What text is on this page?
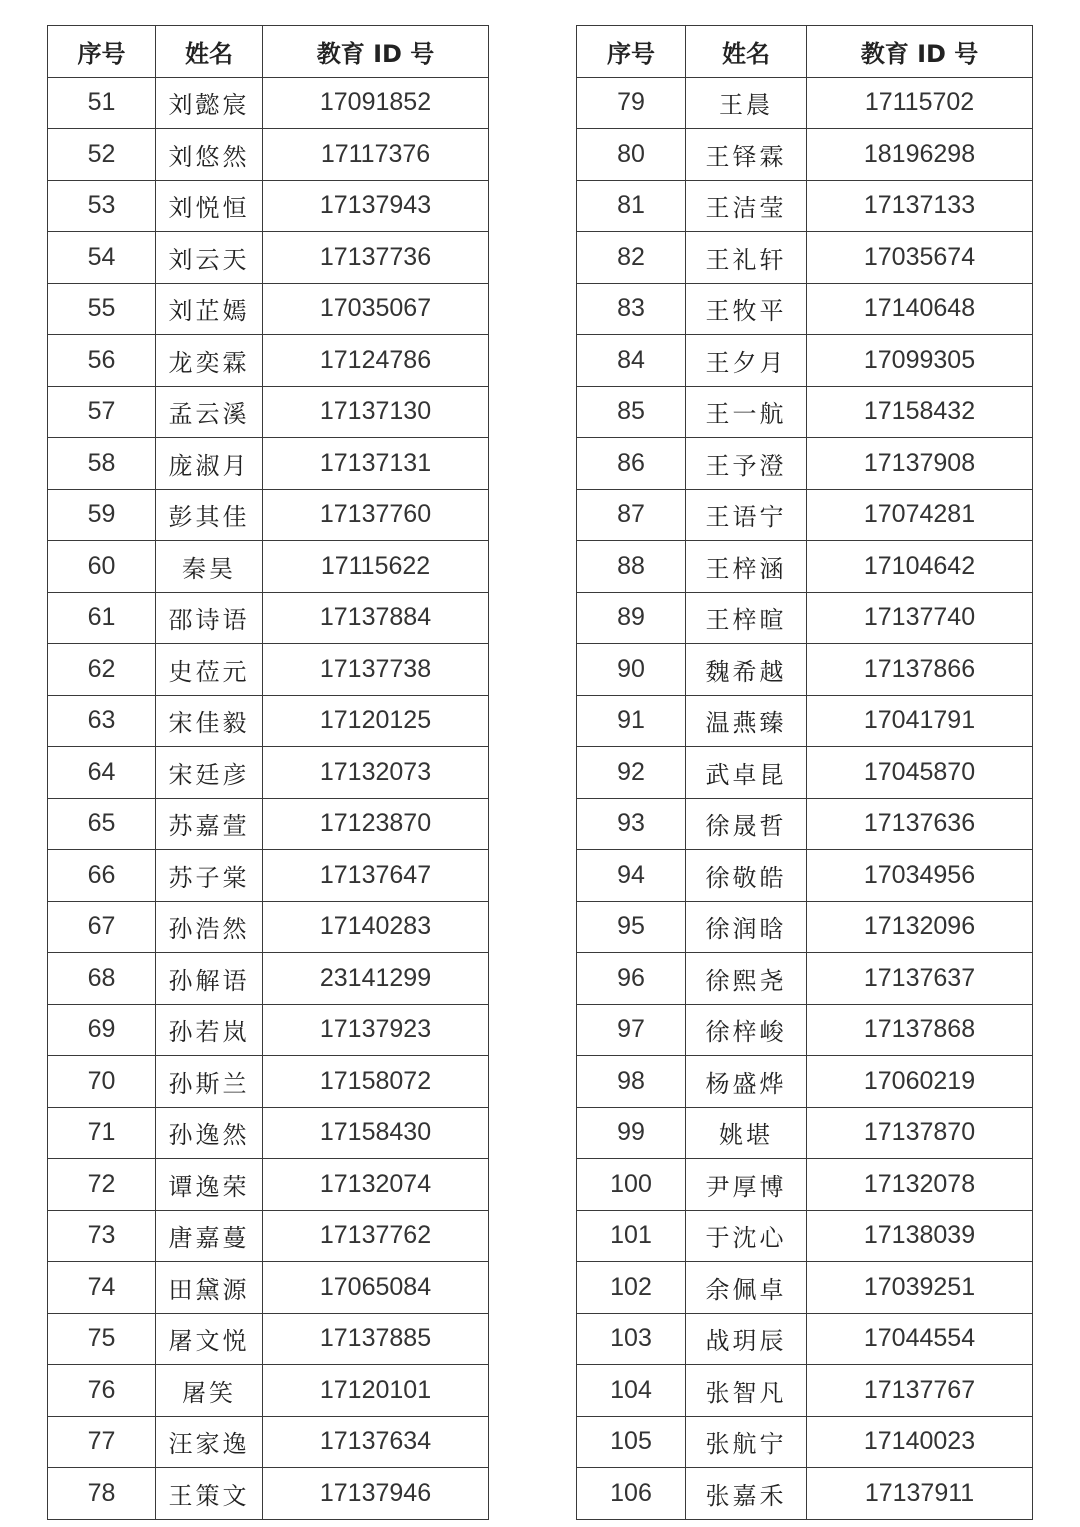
序号	姓名	教育 ID 号
51	刘懿宸	17091852
52	刘悠然	17117376
53	刘悦恒	17137943
54	刘云天	17137736
55	刘芷嫣	17035067
56	龙奕霖	17124786
57	孟云溪	17137130
58	庞淑月	17137131
59	彭其佳	17137760
60	秦昊	17115622
61	邵诗语	17137884
62	史莅元	17137738
63	宋佳毅	17120125
64	宋廷彦	17132073
65	苏嘉萱	17123870
66	苏子棠	17137647
67	孙浩然	17140283
68	孙解语	23141299
69	孙若岚	17137923
70	孙斯兰	17158072
71	孙逸然	17158430
72	谭逸荣	17132074
73	唐嘉蔓	17137762
74	田黛源	17065084
75	屠文悦	17137885
76	屠笑	17120101
77	汪家逸	17137634
78	王策文	17137946
序号	姓名	教育 ID 号
79	王晨	17115702
80	王铎霖	18196298
81	王洁莹	17137133
82	王礼轩	17035674
83	王牧平	17140648
84	王夕月	17099305
85	王一航	17158432
86	王予澄	17137908
87	王语宁	17074281
88	王梓涵	17104642
89	王梓暄	17137740
90	魏希越	17137866
91	温燕臻	17041791
92	武卓昆	17045870
93	徐晟哲	17137636
94	徐敬皓	17034956
95	徐润晗	17132096
96	徐熙尧	17137637
97	徐梓峻	17137868
98	杨盛烨	17060219
99	姚堪	17137870
100	尹厚博	17132078
101	于沈心	17138039
102	余佩卓	17039251
103	战玥辰	17044554
104	张智凡	17137767
105	张航宁	17140023
106	张嘉禾	17137911
